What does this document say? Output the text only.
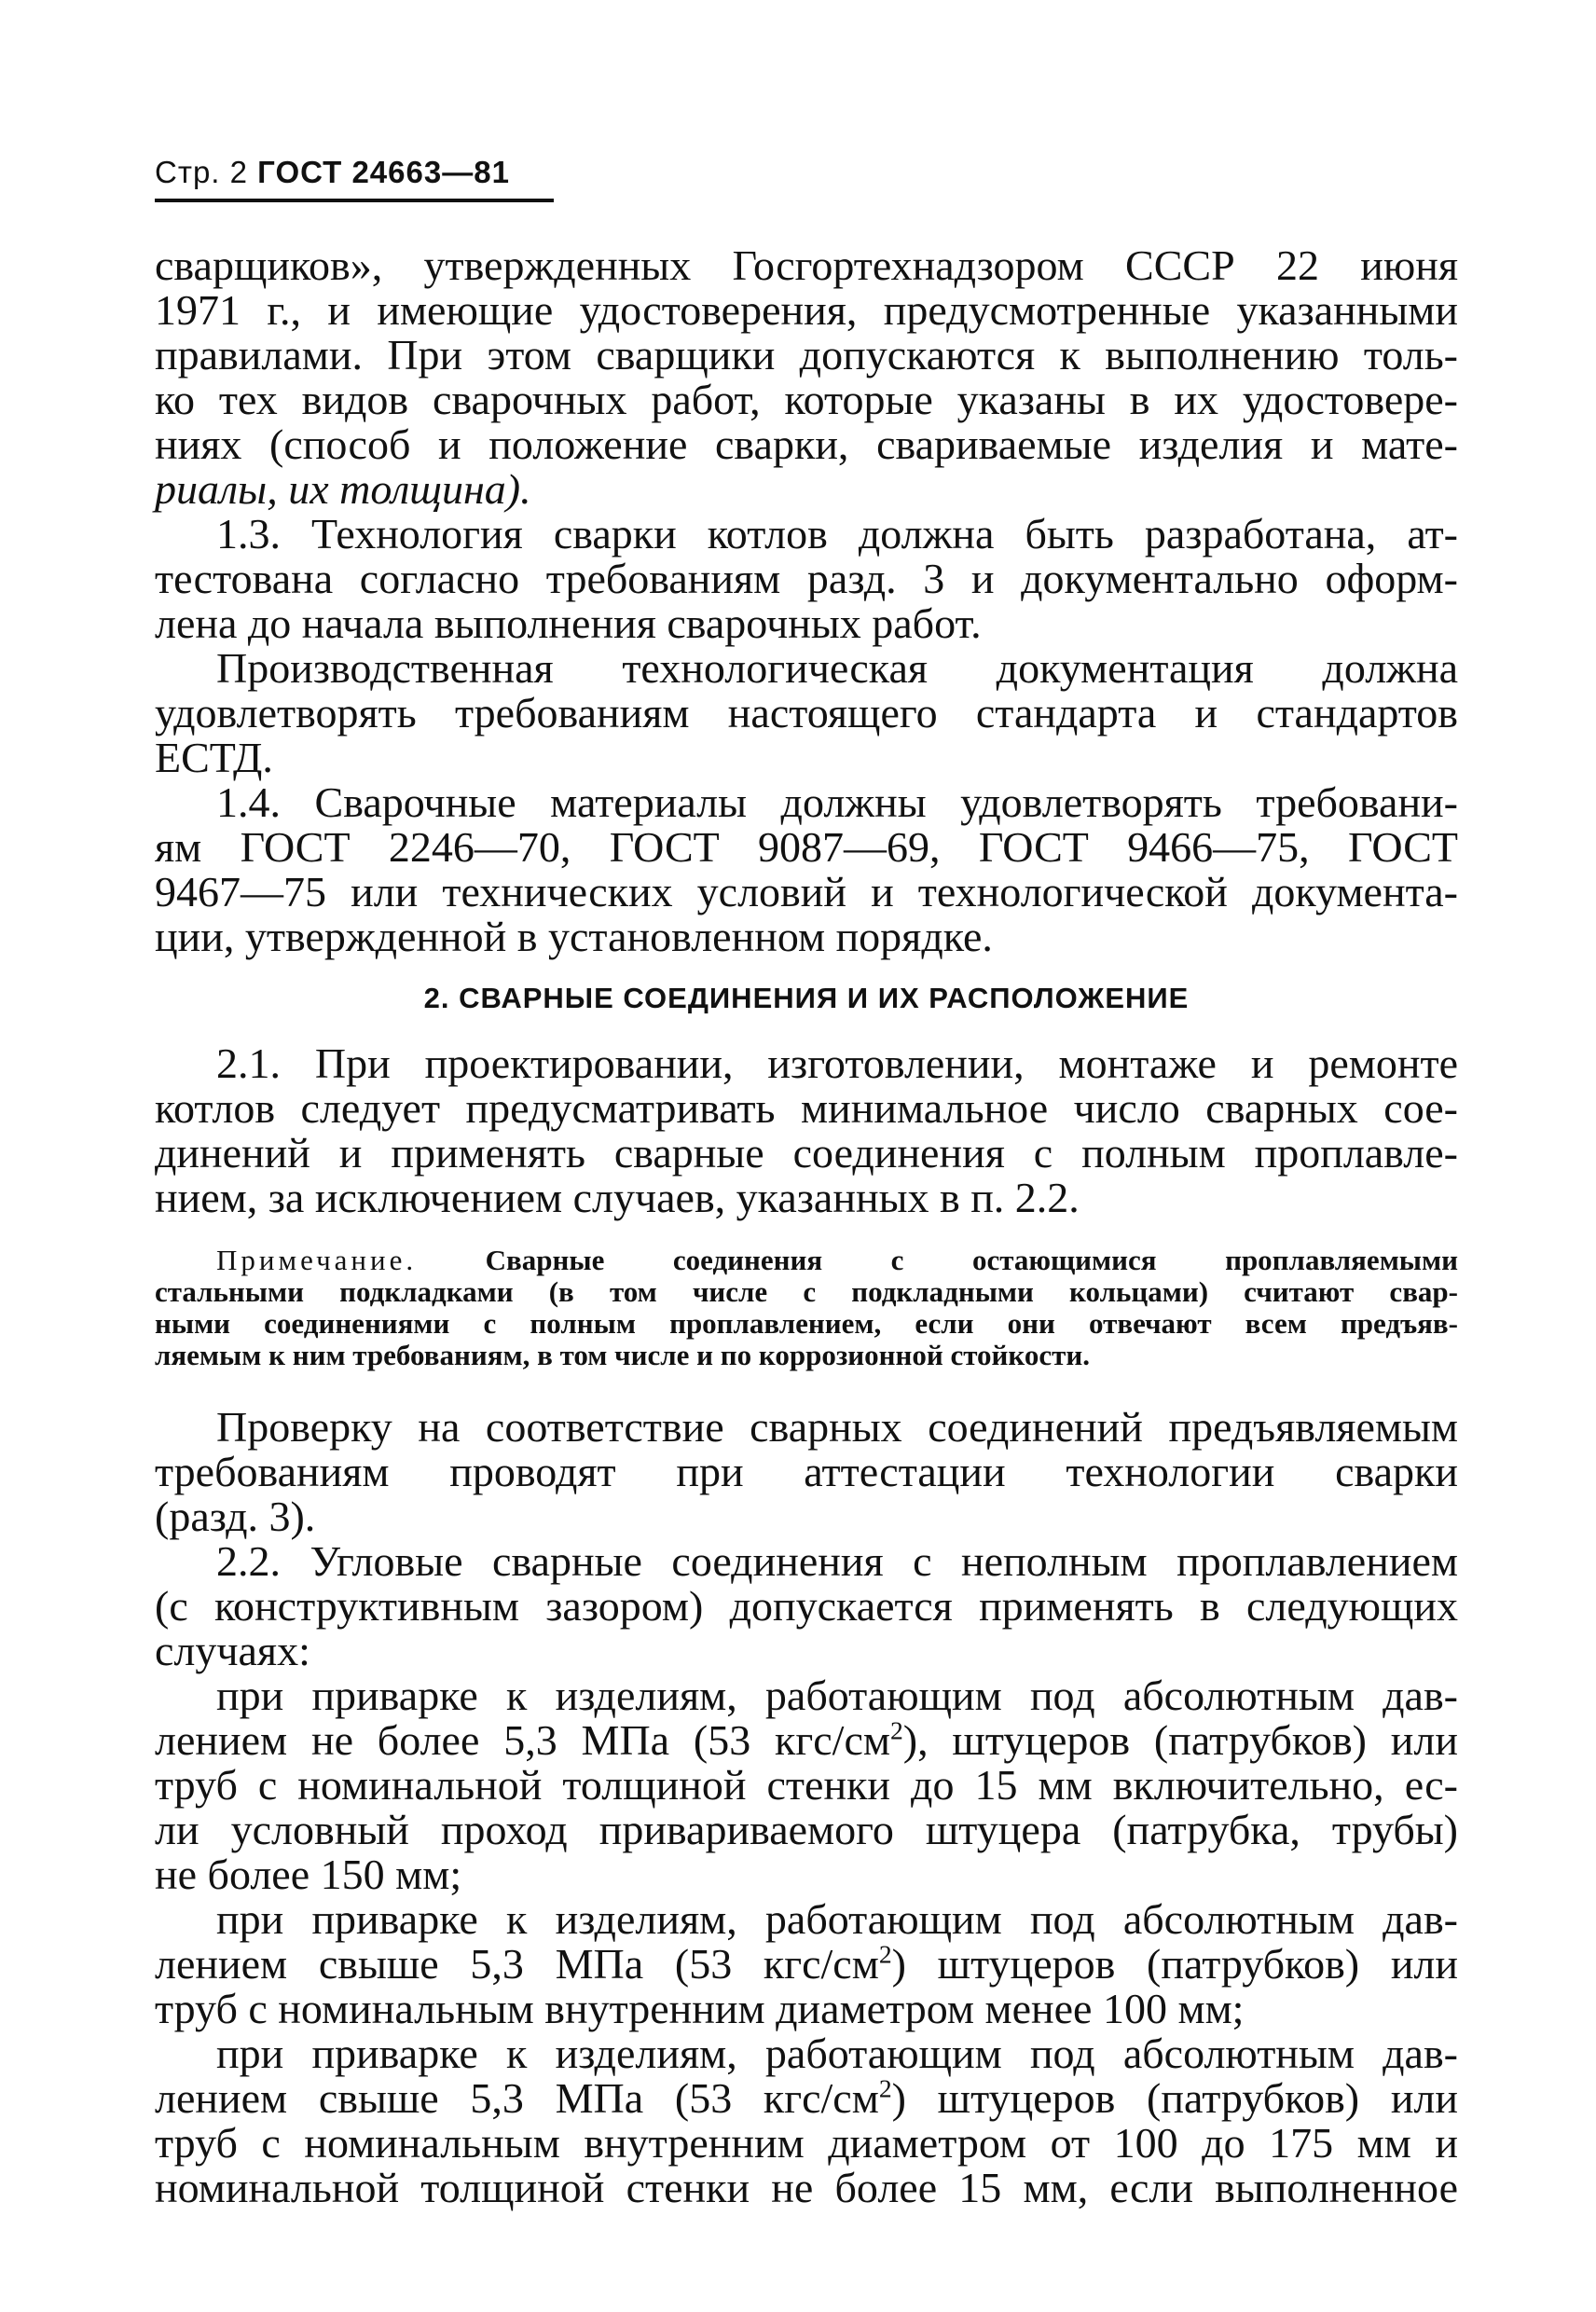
Стр. 2 ГОСТ 24663—81
сварщиков», утвержденных Госгортехнадзором СССР 22 июня
1971 г., и имеющие удостоверения, предусмотренные указанными
правилами. При этом сварщики допускаются к выполнению толь-
ко тех видов сварочных работ, которые указаны в их удостовере-
ниях (способ и положение сварки, свариваемые изделия и мате-
риалы, их толщина).
1.3. Технология сварки котлов должна быть разработана, ат-
тестована согласно требованиям разд. 3 и документально оформ-
лена до начала выполнения сварочных работ.
Производственная технологическая документация должна
удовлетворять требованиям настоящего стандарта и стандартов
ЕСТД.
1.4. Сварочные материалы должны удовлетворять требовани-
ям ГОСТ 2246—70, ГОСТ 9087—69, ГОСТ 9466—75, ГОСТ
9467—75 или технических условий и технологической документа-
ции, утвержденной в установленном порядке.
2. СВАРНЫЕ СОЕДИНЕНИЯ И ИХ РАСПОЛОЖЕНИЕ
2.1. При проектировании, изготовлении, монтаже и ремонте
котлов следует предусматривать минимальное число сварных сое-
динений и применять сварные соединения с полным проплавле-
нием, за исключением случаев, указанных в п. 2.2.
Примечание. Сварные соединения с остающимися проплавляемыми
стальными подкладками (в том числе с подкладными кольцами) считают свар-
ными соединениями с полным проплавлением, если они отвечают всем предъяв-
ляемым к ним требованиям, в том числе и по коррозионной стойкости.
Проверку на соответствие сварных соединений предъявляемым
требованиям проводят при аттестации технологии сварки
(разд. 3).
2.2. Угловые сварные соединения с неполным проплавлением
(с конструктивным зазором) допускается применять в следующих
случаях:
при приварке к изделиям, работающим под абсолютным дав-
лением не более 5,3 МПа (53 кгс/$см^2$), штуцеров (патрубков) или
труб с номинальной толщиной стенки до 15 мм включительно, ес-
ли условный проход привариваемого штуцера (патрубка, трубы)
не более 150 мм;
при приварке к изделиям, работающим под абсолютным дав-
лением свыше 5,3 МПа (53 кгс/$см^2$) штуцеров (патрубков) или
труб с номинальным внутренним диаметром менее 100 мм;
при приварке к изделиям, работающим под абсолютным дав-
лением свыше 5,3 МПа (53 кгс/$см^2$) штуцеров (патрубков) или
труб с номинальным внутренним диаметром от 100 до 175 мм и
номинальной толщиной стенки не более 15 мм, если выполненное
